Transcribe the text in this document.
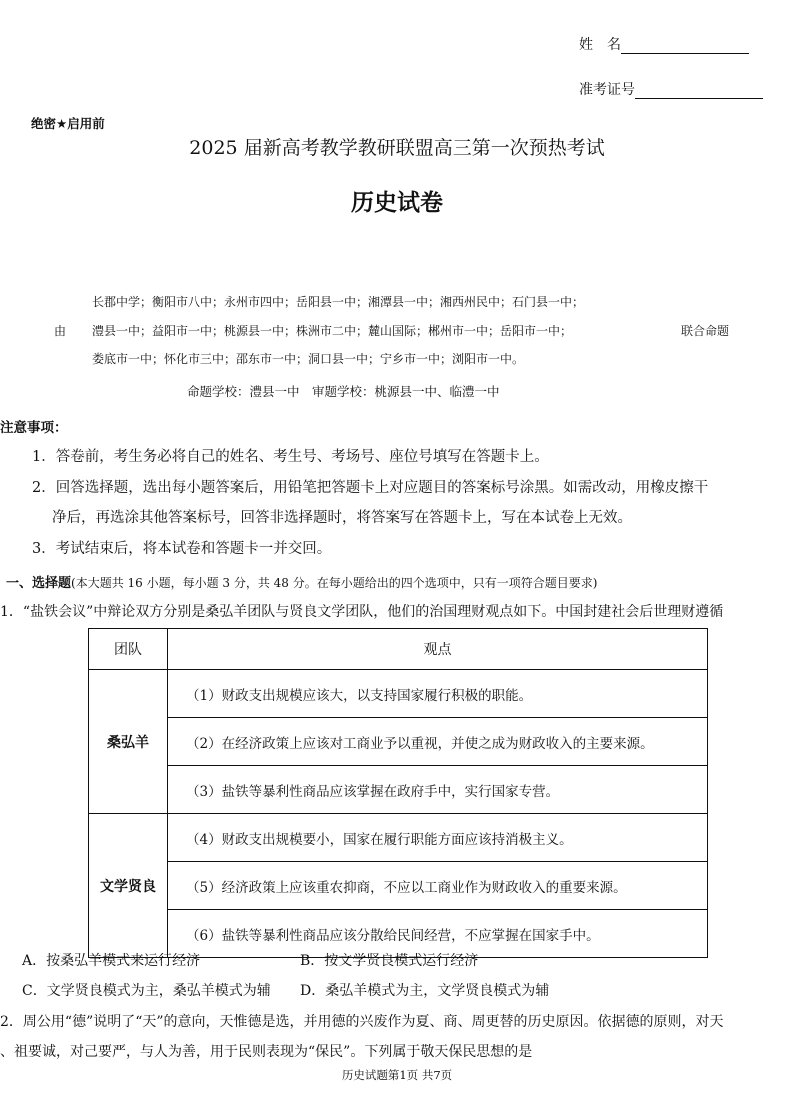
姓　名
准考证号
绝密★启用前
2025 届新高考教学教研联盟高三第一次预热考试
历史试卷
长郡中学；衡阳市八中；永州市四中；岳阳县一中；湘潭县一中；湘西州民中；石门县一中；
由 澧县一中；益阳市一中；桃源县一中；株洲市二中；麓山国际；郴州市一中；岳阳市一中；	联合命题
娄底市一中；怀化市三中；邵东市一中；洞口县一中；宁乡市一中；浏阳市一中。
命题学校：澧县一中　审题学校：桃源县一中、临澧一中
注意事项：
1．答卷前，考生务必将自己的姓名、考生号、考场号、座位号填写在答题卡上。
2．回答选择题，选出每小题答案后，用铅笔把答题卡上对应题目的答案标号涂黑。如需改动，用橡皮擦干
净后，再选涂其他答案标号，回答非选择题时，将答案写在答题卡上，写在本试卷上无效。
3．考试结束后，将本试卷和答题卡一并交回。
一、选择题(本大题共 16 小题，每小题 3 分，共 48 分。在每小题给出的四个选项中，只有一项符合题目要求)
1．“盐铁会议”中辩论双方分别是桑弘羊团队与贤良文学团队，他们的治国理财观点如下。中国封建社会后世理财遵循
团队	观点
桑弘羊	（1）财政支出规模应该大，以支持国家履行积极的职能。
	（2）在经济政策上应该对工商业予以重视，并使之成为财政收入的主要来源。
	（3）盐铁等暴利性商品应该掌握在政府手中，实行国家专营。
文学贤良	（4）财政支出规模要小，国家在履行职能方面应该持消极主义。
	（5）经济政策上应该重农抑商，不应以工商业作为财政收入的重要来源。
	（6）盐铁等暴利性商品应该分散给民间经营，不应掌握在国家手中。
A．按桑弘羊模式来运行经济	B．按文学贤良模式运行经济
C．文学贤良模式为主，桑弘羊模式为辅 D．桑弘羊模式为主，文学贤良模式为辅
2．周公用“德”说明了“天”的意向，天惟德是选，并用德的兴废作为夏、商、周更替的历史原因。依据德的原则，对天
、祖要诚，对己要严，与人为善，用于民则表现为“保民”。下列属于敬天保民思想的是
历史试题第1页 共7页
